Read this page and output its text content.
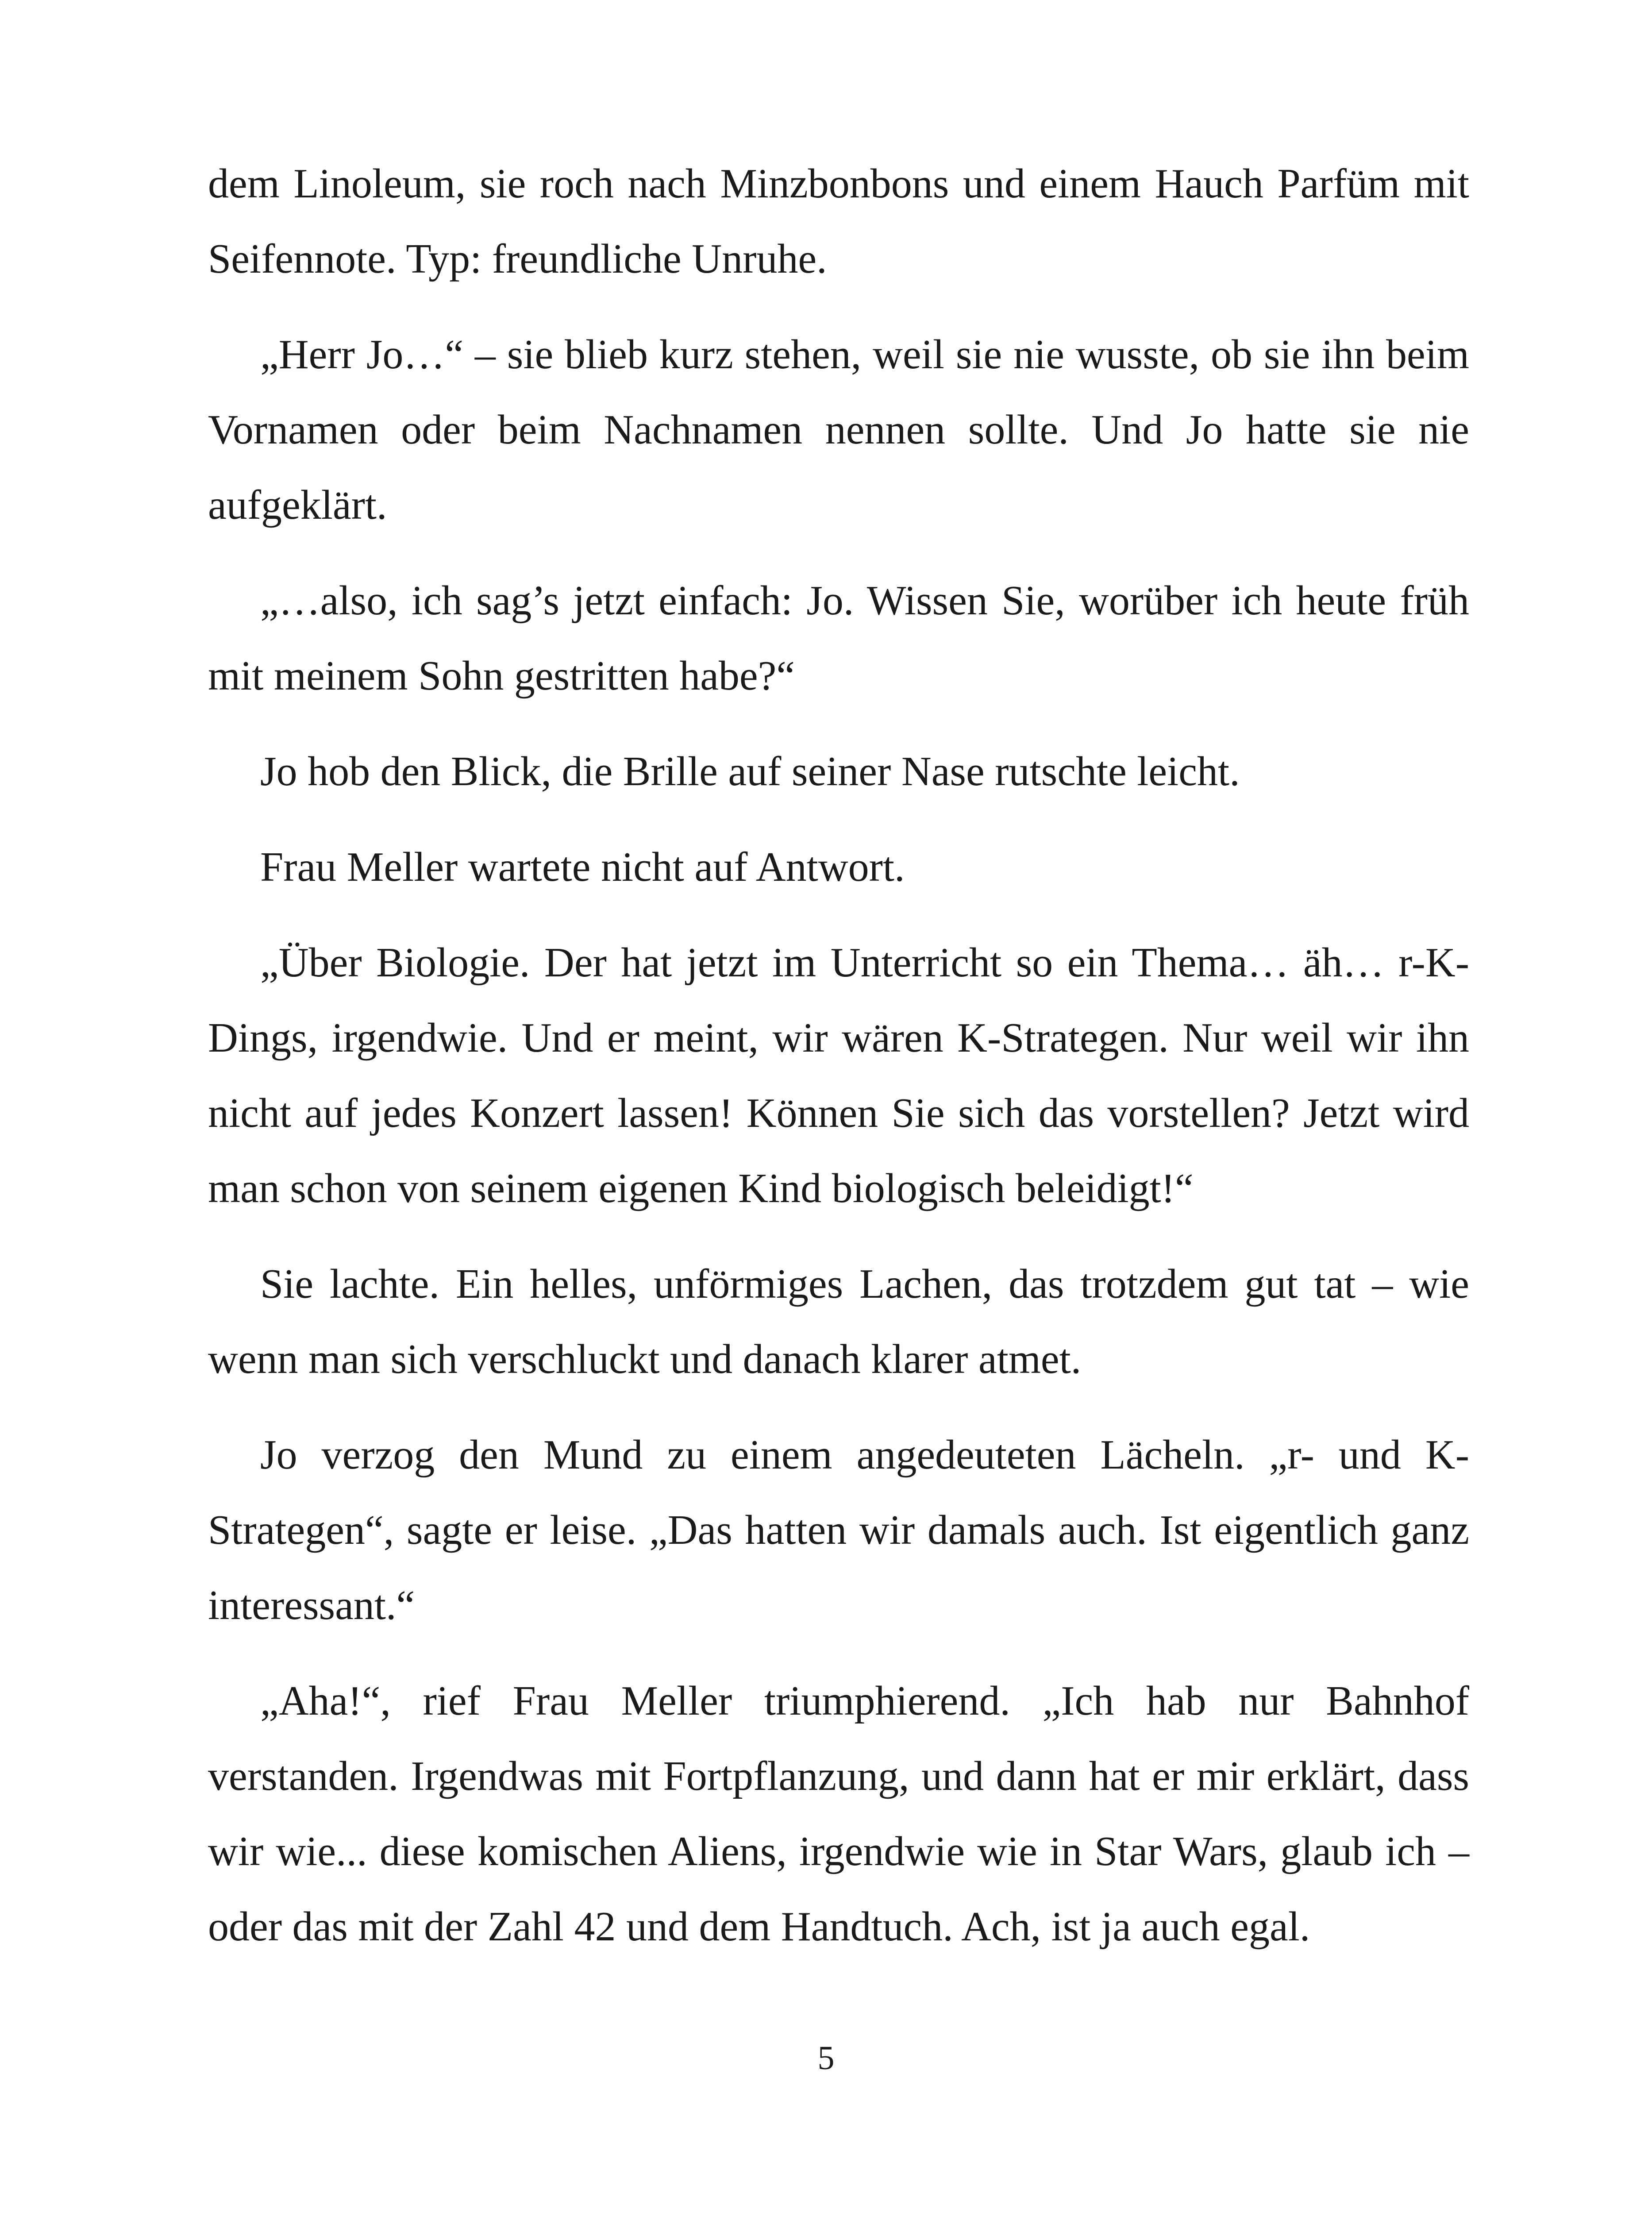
dem Linoleum, sie roch nach Minzbonbons und einem Hauch Parfüm mit Seifennote. Typ: freundliche Unruhe.

„Herr Jo…“ – sie blieb kurz stehen, weil sie nie wusste, ob sie ihn beim Vornamen oder beim Nachnamen nennen sollte. Und Jo hatte sie nie aufgeklärt.

„…also, ich sag’s jetzt einfach: Jo. Wissen Sie, worüber ich heute früh mit meinem Sohn gestritten habe?“

Jo hob den Blick, die Brille auf seiner Nase rutschte leicht.

Frau Meller wartete nicht auf Antwort.

„Über Biologie. Der hat jetzt im Unterricht so ein Thema… äh… r-K-Dings, irgendwie. Und er meint, wir wären K-Strategen. Nur weil wir ihn nicht auf jedes Konzert lassen! Können Sie sich das vorstellen? Jetzt wird man schon von seinem eigenen Kind biologisch beleidigt!“

Sie lachte. Ein helles, unförmiges Lachen, das trotzdem gut tat – wie wenn man sich verschluckt und danach klarer atmet.

Jo verzog den Mund zu einem angedeuteten Lächeln. „r- und K-Strategen“, sagte er leise. „Das hatten wir damals auch. Ist eigentlich ganz interessant.“

„Aha!“, rief Frau Meller triumphierend. „Ich hab nur Bahnhof verstanden. Irgendwas mit Fortpflanzung, und dann hat er mir erklärt, dass wir wie... diese komischen Aliens, irgendwie wie in Star Wars, glaub ich – oder das mit der Zahl 42 und dem Handtuch. Ach, ist ja auch egal.

5
